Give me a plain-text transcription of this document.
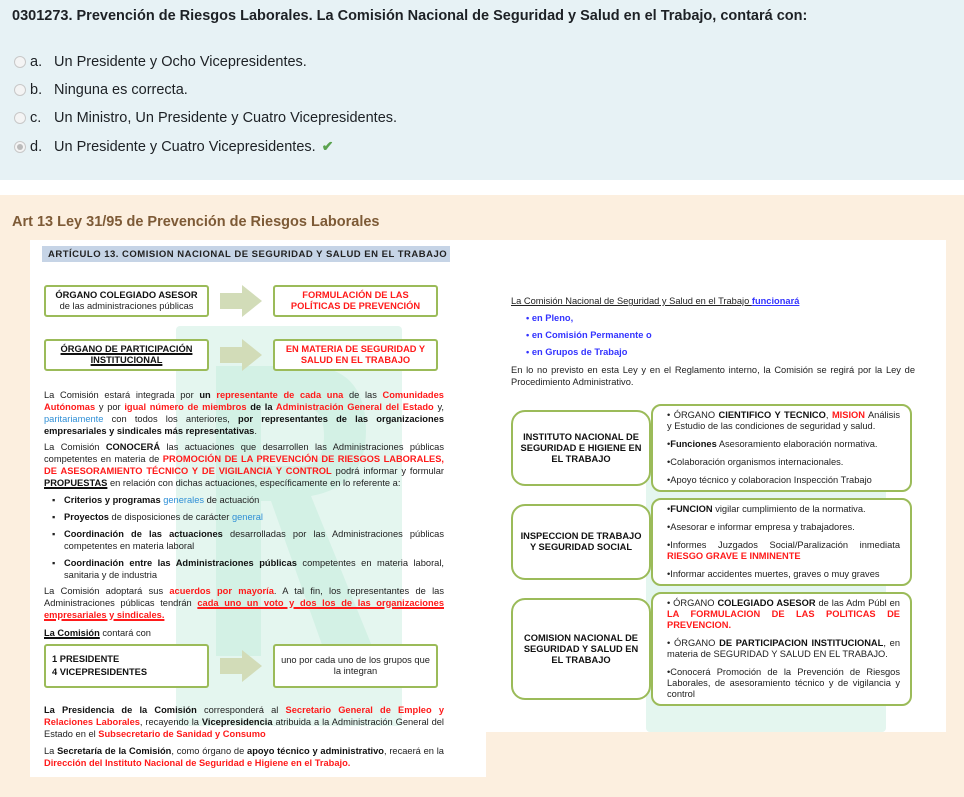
0301273. Prevención de Riesgos Laborales. La Comisión Nacional de Seguridad y Salud en el Trabajo, contará con:
a. Un Presidente y Ocho Vicepresidentes.
b. Ninguna es correcta.
c. Un Ministro, Un Presidente y Cuatro Vicepresidentes.
d. Un Presidente y Cuatro Vicepresidentes. ✔
Art 13 Ley 31/95 de Prevención de Riesgos Laborales
ARTÍCULO 13. COMISION NACIONAL DE SEGURIDAD Y SALUD EN EL TRABAJO
ÓRGANO COLEGIADO ASESOR
de las administraciones públicas
FORMULACIÓN DE LAS POLÍTICAS DE PREVENCIÓN
ÓRGANO DE PARTICIPACIÓN INSTITUCIONAL
EN MATERIA DE SEGURIDAD Y SALUD EN EL TRABAJO
La Comisión estará integrada por un representante de cada una de las Comunidades Autónomas y por igual número de miembros de la Administración General del Estado y, paritariamente con todos los anteriores, por representantes de las organizaciones empresariales y sindicales más representativas.
La Comisión CONOCERÁ las actuaciones que desarrollen las Administraciones públicas competentes en materia de PROMOCIÓN DE LA PREVENCIÓN DE RIESGOS LABORALES, DE ASESORAMIENTO TÉCNICO Y DE VIGILANCIA Y CONTROL podrá informar y formular PROPUESTAS en relación con dichas actuaciones, específicamente en lo referente a:
▪ Criterios y programas generales de actuación
▪ Proyectos de disposiciones de carácter general
▪ Coordinación de las actuaciones desarrolladas por las Administraciones públicas competentes en materia laboral
▪ Coordinación entre las Administraciones públicas competentes en materia laboral, sanitaria y de industria
La Comisión adoptará sus acuerdos por mayoría. A tal fin, los representantes de las Administraciones públicas tendrán cada uno un voto y dos los de las organizaciones empresariales y sindicales.
La Comisión contará con
1 PRESIDENTE
4 VICEPRESIDENTES
uno por cada uno de los grupos que la integran
La Presidencia de la Comisión corresponderá al Secretario General de Empleo y Relaciones Laborales, recayendo la Vicepresidencia atribuida a la Administración General del Estado en el Subsecretario de Sanidad y Consumo
La Secretaría de la Comisión, como órgano de apoyo técnico y administrativo, recaerá en la Dirección del Instituto Nacional de Seguridad e Higiene en el Trabajo.
La Comisión Nacional de Seguridad y Salud en el Trabajo funcionará
• en Pleno,
• en Comisión Permanente o
• en Grupos de Trabajo
En lo no previsto en esta Ley y en el Reglamento interno, la Comisión se regirá por la Ley de Procedimiento Administrativo.
INSTITUTO NACIONAL DE SEGURIDAD E HIGIENE EN EL TRABAJO
• ÓRGANO CIENTIFICO Y TECNICO, MISION Análisis y Estudio de las condiciones de seguridad y salud.
•Funciones Asesoramiento elaboración normativa.
•Colaboración organismos internacionales.
•Apoyo técnico y colaboracion Inspección Trabajo
INSPECCION DE TRABAJO Y SEGURIDAD SOCIAL
•FUNCION vigilar cumplimiento de la normativa.
•Asesorar e informar empresa y trabajadores.
•Informes Juzgados Social/Paralización inmediata RIESGO GRAVE E INMINENTE
•Informar accidentes muertes, graves o muy graves
COMISION NACIONAL DE SEGURIDAD Y SALUD EN EL TRABAJO
• ÓRGANO COLEGIADO ASESOR de las Adm Públ en LA FORMULACION DE LAS POLITICAS DE PREVENCION.
• ÓRGANO DE PARTICIPACION INSTITUCIONAL, en materia de SEGURIDAD Y SALUD EN EL TRABAJO.
•Conocerá Promoción de la Prevención de Riesgos Laborales, de asesoramiento técnico y de vigilancia y control
